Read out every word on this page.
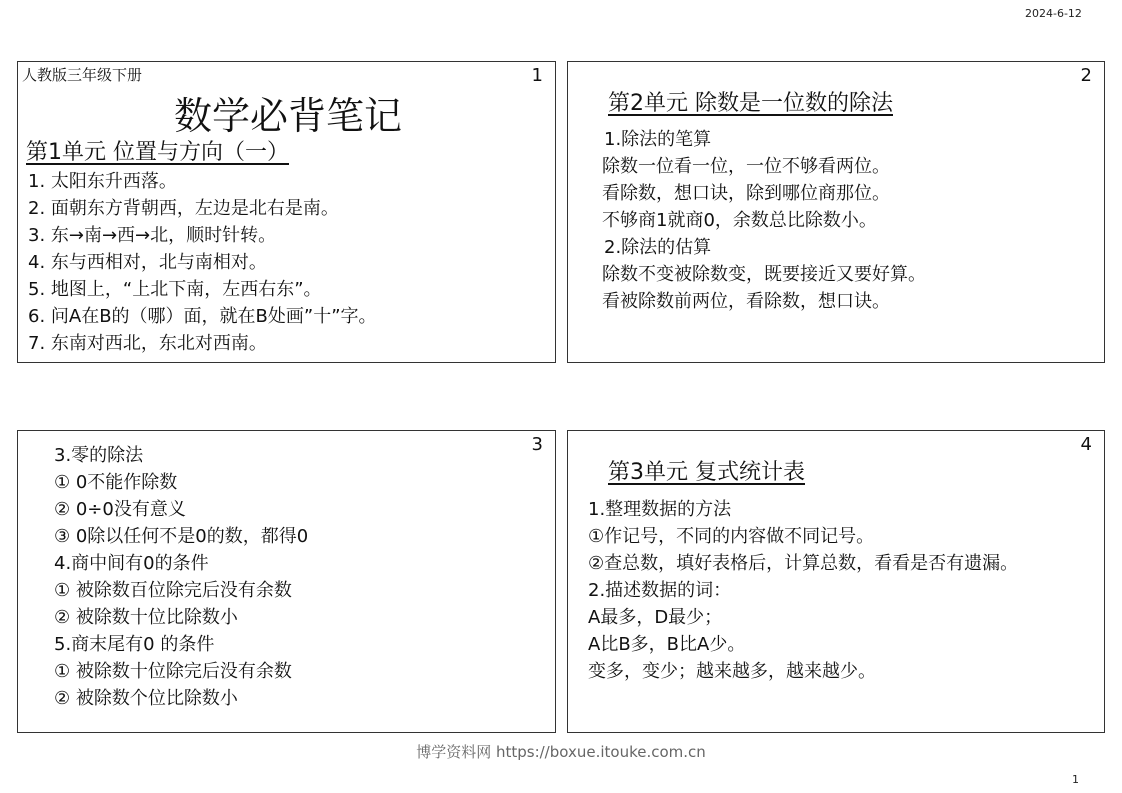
2024-6-12
1
人教版三年级下册
数学必背笔记
第1单元 位置与方向（一）
1. 太阳东升西落。
2. 面朝东方背朝西，左边是北右是南。
3. 东→南→西→北，顺时针转。
4. 东与西相对，北与南相对。
5. 地图上，“上北下南，左西右东”。
6. 问A在B的（哪）面，就在B处画”十”字。
7. 东南对西北，东北对西南。
2
第2单元 除数是一位数的除法
1.除法的笔算
除数一位看一位，一位不够看两位。
看除数，想口诀，除到哪位商那位。
不够商1就商0，余数总比除数小。
2.除法的估算
除数不变被除数变，既要接近又要好算。
看被除数前两位，看除数，想口诀。
3
3.零的除法
① 0不能作除数
② 0÷0没有意义
③ 0除以任何不是0的数，都得0
4.商中间有0的条件
① 被除数百位除完后没有余数
② 被除数十位比除数小
5.商末尾有0 的条件
① 被除数十位除完后没有余数
② 被除数个位比除数小
4
第3单元 复式统计表
1.整理数据的方法
①作记号，不同的内容做不同记号。
②查总数，填好表格后，计算总数，看看是否有遗漏。
2.描述数据的词：
A最多，D最少；
A比B多，B比A少。
变多，变少；越来越多，越来越少。
博学资料网 https://boxue.itouke.com.cn
1
